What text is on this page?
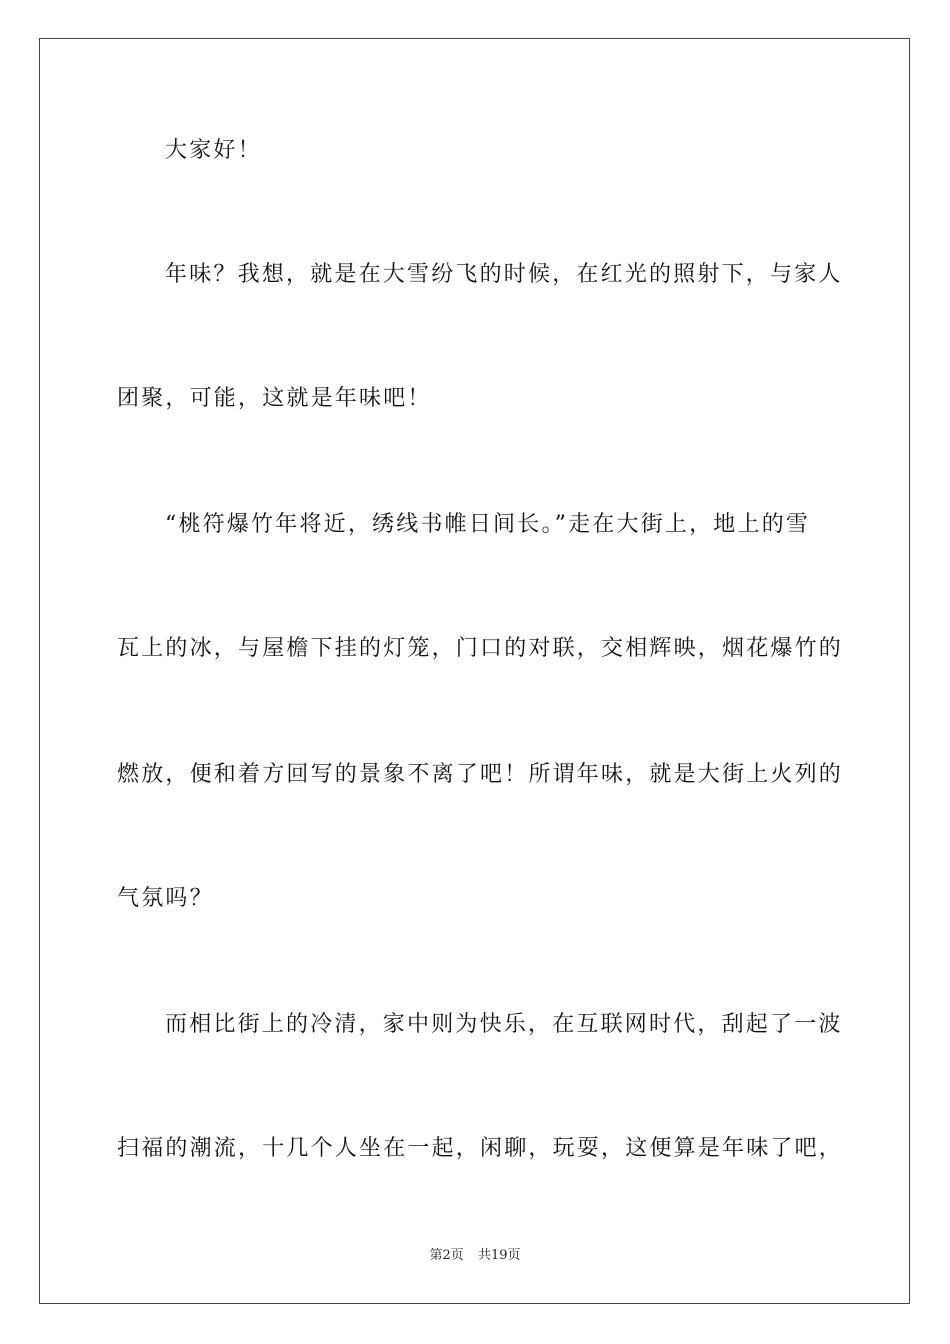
大家好！
年味？我想，就是在大雪纷飞的时候，在红光的照射下，与家人
团聚，可能，这就是年味吧！
“桃符爆竹年将近，绣线书帷日间长。”走在大街上，地上的雪
瓦上的冰，与屋檐下挂的灯笼，门口的对联，交相辉映，烟花爆竹的
燃放，便和着方回写的景象不离了吧！所谓年味，就是大街上火列的
气氛吗？
而相比街上的冷清，家中则为快乐，在互联网时代，刮起了一波
扫福的潮流，十几个人坐在一起，闲聊，玩耍，这便算是年味了吧，
第2页 共19页
